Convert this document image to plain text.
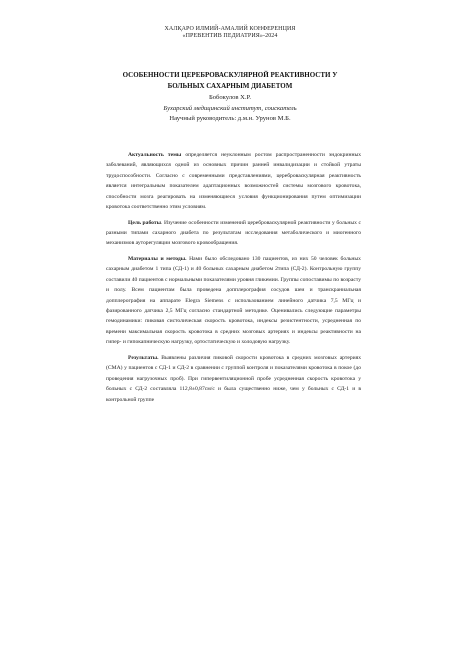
ХАЛҚАРО ИЛМИЙ-АМАЛИЙ КОНФЕРЕНЦИЯ
«ПРЕВЕНТИВ ПЕДИАТРИЯ»-2024
ОСОБЕННОСТИ ЦЕРЕБРОВАСКУЛЯРНОЙ РЕАКТИВНОСТИ У
БОЛЬНЫХ САХАРНЫМ ДИАБЕТОМ
Бобокулов Х.Р.
Бухарский медицинский институт, соискатель
Научный руководитель: д.м.н. Урунов М.Б.

Актуальность темы определяется неуклонным ростом распространенности эндокринных заболеваний, являющихся одной из основных причин ранней инвалидизации и стойкой утраты трудоспособности. Согласно с современными представлениями, цереброваскулярная реактивность является интегральным показателем адаптационных возможностей системы мозгового кровотока, способности мозга реагировать на изменяющиеся условия функционирования путем оптимизации кровотока соответственно этим условиям.

Цель работы. Изучение особенности изменений цереброваскулярной реактивности у больных с разными типами сахарного диабета по результатам исследования метаболического и миогенного механизмов ауторегуляции мозгового кровообращения.

Материалы и методы. Нами было обследовано 130 пациентов, из них 50 человек больных сахарным диабетом 1 типа (СД-1) и 40 больных сахарным диабетом 2типа (СД-2). Контрольную группу составили 40 пациентов с нормальными показателями уровня гликемии. Группы сопоставимы по возрасту и полу. Всем пациентам была проведена допплерография сосудов шеи и транскраниальная допплерография на аппарате Elegra Siemens с использованием линейного датчика 7,5 МГц и фазированного датчика 2,5 МГц согласно стандартной методике. Оценивались следующие параметры гемодинамики: пиковая систолическая скорость кровотока, индексы резистентности, усредненная по времени максимальная скорость кровотока в средних мозговых артериях и индексы реактивности на гипер- и гипокапническую нагрузку, ортостатическую и холодовую нагрузку.

Результаты. Выявлены различия пиковой скорости кровотока в средних мозговых артериях (СМА) у пациентов с СД-1 и СД-2 в сравнении с группой контроля и показателями кровотока в покое (до проведения нагрузочных проб). При гипервентиляционной пробе усредненная скорость кровотока у больных с СД-2 составляла 112,8±0,87см/с и была существенно ниже, чем у больных с СД-1 и в контрольной группе
